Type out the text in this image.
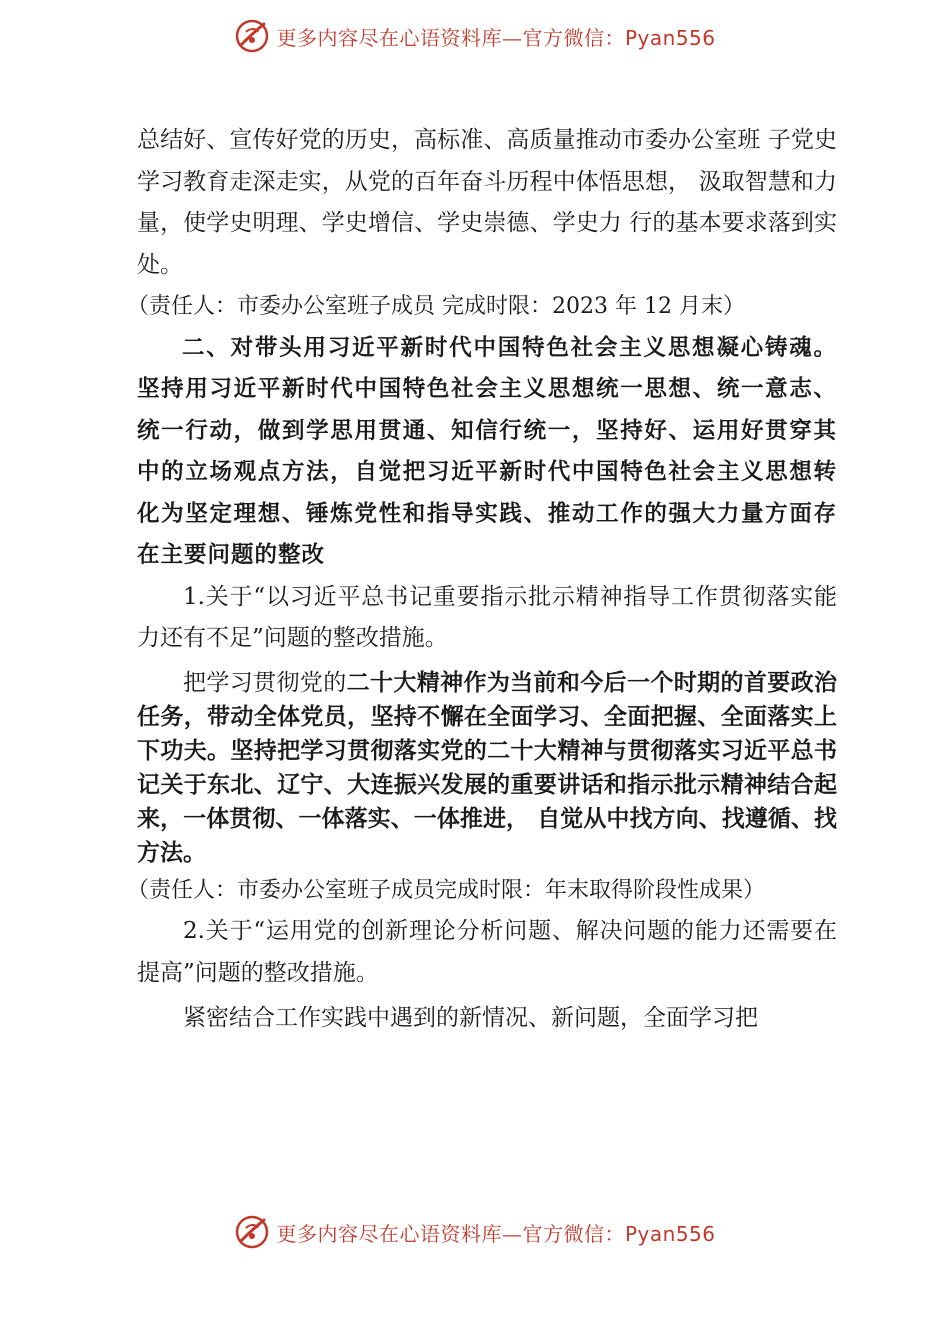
更多内容尽在心语资料库—官方微信：Pyan556

总结好、宣传好党的历史，高标准、高质量推动市委办公室班 子党史学习教育走深走实，从党的百年奋斗历程中体悟思想， 汲取智慧和力量，使学史明理、学史增信、学史崇德、学史力 行的基本要求落到实处。

（责任人：市委办公室班子成员 完成时限：2023 年 12 月末）

二、对带头用习近平新时代中国特色社会主义思想凝心铸魂。坚持用习近平新时代中国特色社会主义思想统一思想、统一意志、统一行动，做到学思用贯通、知信行统一，坚持好、运用好贯穿其中的立场观点方法，自觉把习近平新时代中国特色社会主义思想转化为坚定理想、锤炼党性和指导实践、推动工作的强大力量方面存在主要问题的整改

1.关于“以习近平总书记重要指示批示精神指导工作贯彻落实能力还有不足”问题的整改措施。

把学习贯彻党的二十大精神作为当前和今后一个时期的首要政治任务，带动全体党员，坚持不懈在全面学习、全面把握、全面落实上下功夫。坚持把学习贯彻落实党的二十大精神与贯彻落实习近平总书记关于东北、辽宁、大连振兴发展的重要讲话和指示批示精神结合起来，一体贯彻、一体落实、一体推进， 自觉从中找方向、找遵循、找方法。

（责任人：市委办公室班子成员完成时限：年末取得阶段性成果）

2.关于“运用党的创新理论分析问题、解决问题的能力还需要在提高”问题的整改措施。

紧密结合工作实践中遇到的新情况、新问题，全面学习把

更多内容尽在心语资料库—官方微信：Pyan556
